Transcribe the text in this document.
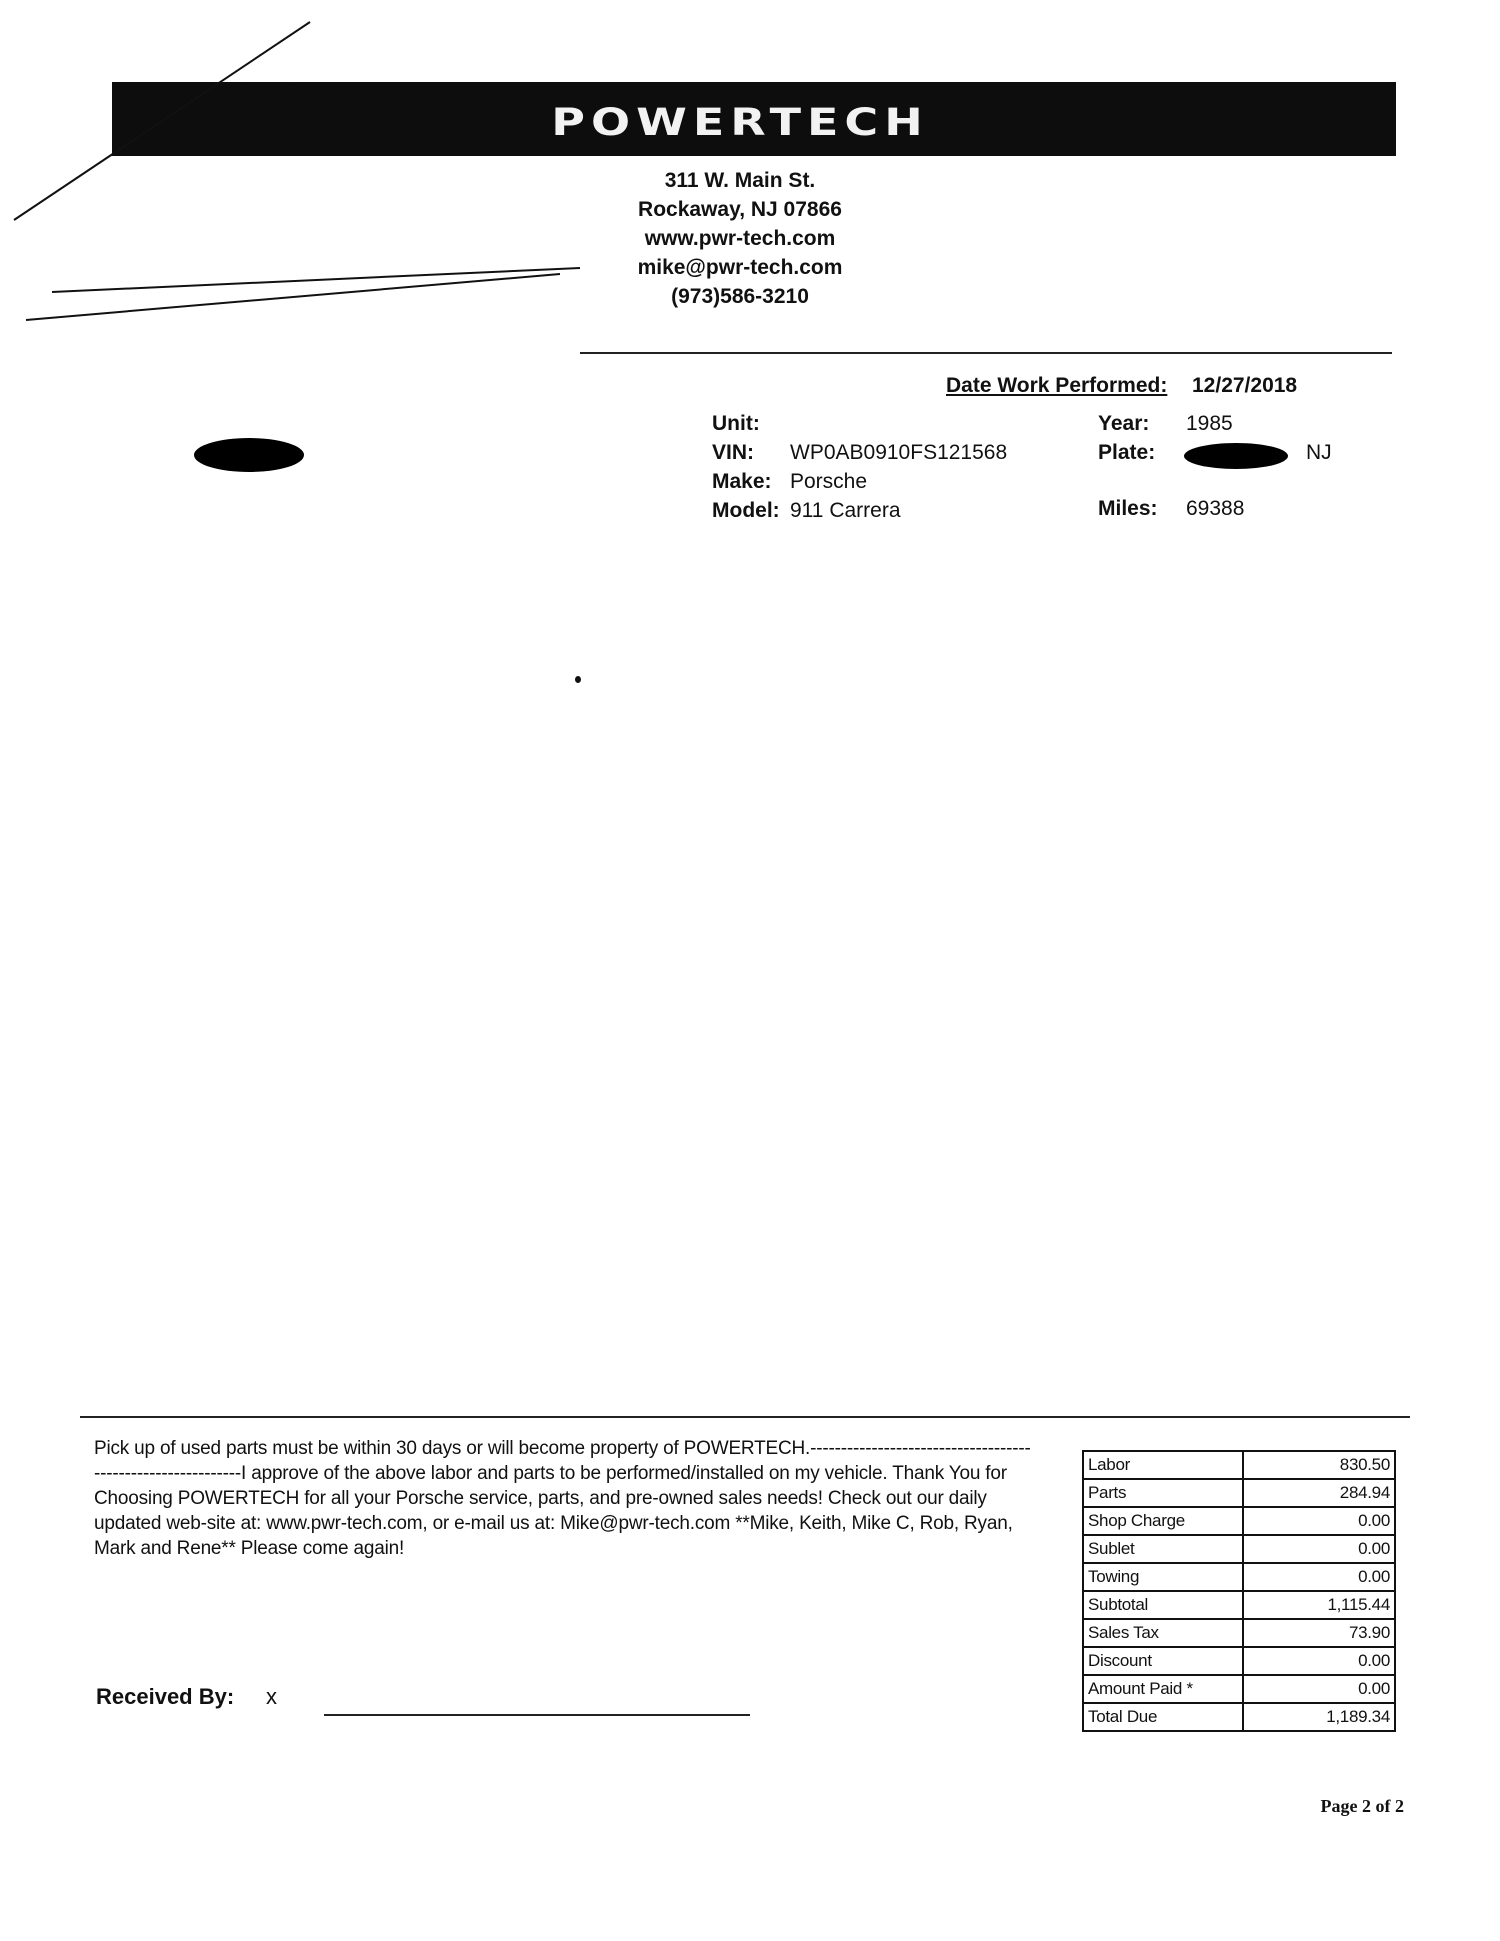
POWERTECH
311 W. Main St.
Rockaway, NJ 07866
www.pwr-tech.com
mike@pwr-tech.com
(973)586-3210
Date Work Performed: 12/27/2018
Unit:
VIN: WP0AB0910FS121568
Make: Porsche
Model: 911 Carrera
Year: 1985
Plate:	NJ
Miles: 69388
Pick up of used parts must be within 30 days or will become property of POWERTECH.------------------------------------------------------------I approve of the above labor and parts to be performed/installed on my vehicle. Thank You for Choosing POWERTECH for all your Porsche service, parts, and pre-owned sales needs! Check out our daily updated web-site at: www.pwr-tech.com, or e-mail us at: Mike@pwr-tech.com **Mike, Keith, Mike C, Rob, Ryan, Mark and Rene** Please come again!
Received By: x
Labor	830.50
Parts	284.94
Shop Charge	0.00
Sublet	0.00
Towing	0.00
Subtotal	1,115.44
Sales Tax	73.90
Discount	0.00
Amount Paid *	0.00
Total Due	1,189.34
Page 2 of 2
